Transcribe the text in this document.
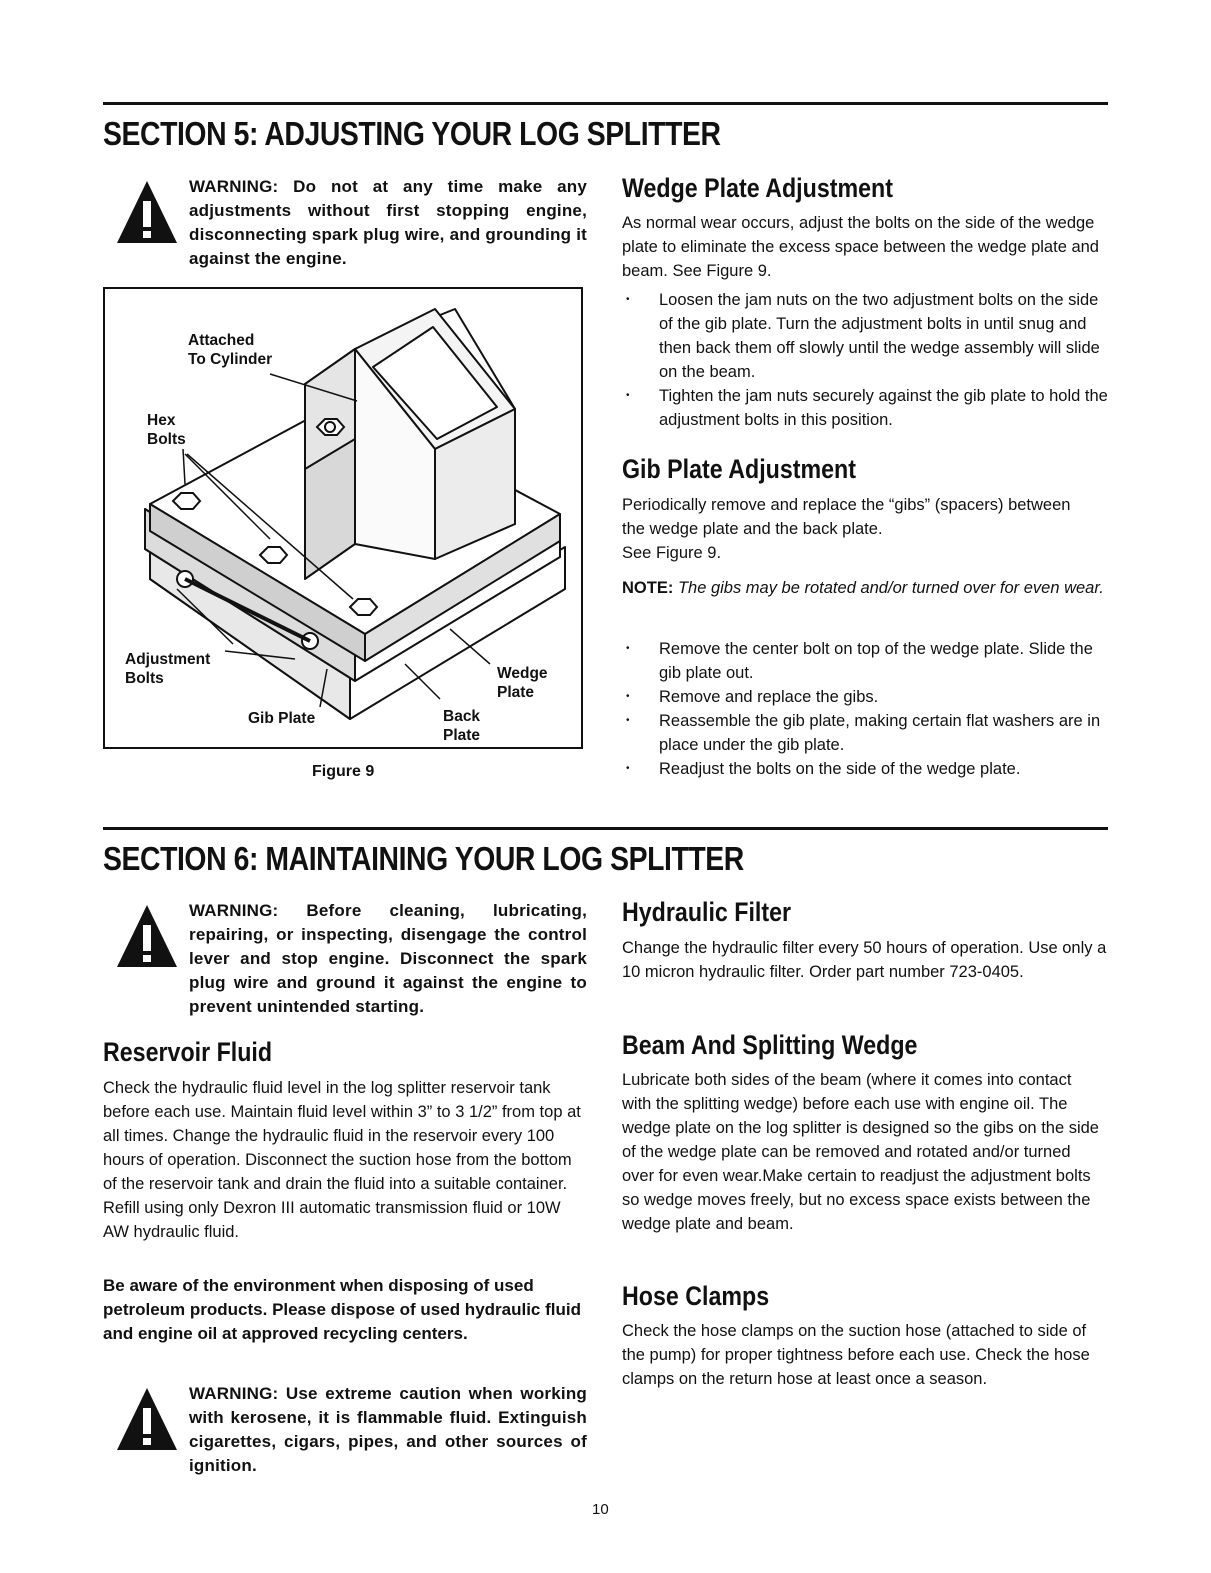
SECTION 5: ADJUSTING YOUR LOG SPLITTER

WARNING: Do not at any time make any adjustments without first stopping engine, disconnecting spark plug wire, and grounding it against the engine.

Attached
To Cylinder
Hex
Bolts
Adjustment
Bolts
Gib Plate
Wedge
Plate
Back
Plate
Figure 9
Wedge Plate Adjustment

As normal wear occurs, adjust the bolts on the side of the wedge plate to eliminate the excess space between the wedge plate and beam. See Figure 9.

• Loosen the jam nuts on the two adjustment bolts on the side of the gib plate. Turn the adjustment bolts in until snug and then back them off slowly until the wedge assembly will slide on the beam.
• Tighten the jam nuts securely against the gib plate to hold the adjustment bolts in this position.
Gib Plate Adjustment

Periodically remove and replace the “gibs” (spacers) between the wedge plate and the back plate.

See Figure 9.

NOTE: The gibs may be rotated and/or turned over for even wear.

• Remove the center bolt on top of the wedge plate. Slide the gib plate out.
• Remove and replace the gibs.
• Reassemble the gib plate, making certain flat washers are in place under the gib plate.
• Readjust the bolts on the side of the wedge plate.
SECTION 6: MAINTAINING YOUR LOG SPLITTER

WARNING: Before cleaning, lubricating, repairing, or inspecting, disengage the control lever and stop engine. Disconnect the spark plug wire and ground it against the engine to prevent unintended starting.

Reservoir Fluid

Check the hydraulic fluid level in the log splitter reservoir tank before each use. Maintain fluid level within 3” to 3 1/2” from top at all times. Change the hydraulic fluid in the reservoir every 100 hours of operation. Disconnect the suction hose from the bottom of the reservoir tank and drain the fluid into a suitable container. Refill using only Dexron III automatic transmission fluid or 10W AW hydraulic fluid.

Be aware of the environment when disposing of used petroleum products. Please dispose of used hydraulic fluid and engine oil at approved recycling centers.

WARNING: Use extreme caution when working with kerosene, it is flammable fluid. Extinguish cigarettes, cigars, pipes, and other sources of ignition.

Hydraulic Filter

Change the hydraulic filter every 50 hours of operation. Use only a 10 micron hydraulic filter. Order part number 723-0405.

Beam And Splitting Wedge

Lubricate both sides of the beam (where it comes into contact with the splitting wedge) before each use with engine oil. The wedge plate on the log splitter is designed so the gibs on the side of the wedge plate can be removed and rotated and/or turned over for even wear.Make certain to readjust the adjustment bolts so wedge moves freely, but no excess space exists between the wedge plate and beam.

Hose Clamps

Check the hose clamps on the suction hose (attached to side of the pump) for proper tightness before each use. Check the hose clamps on the return hose at least once a season.

10
